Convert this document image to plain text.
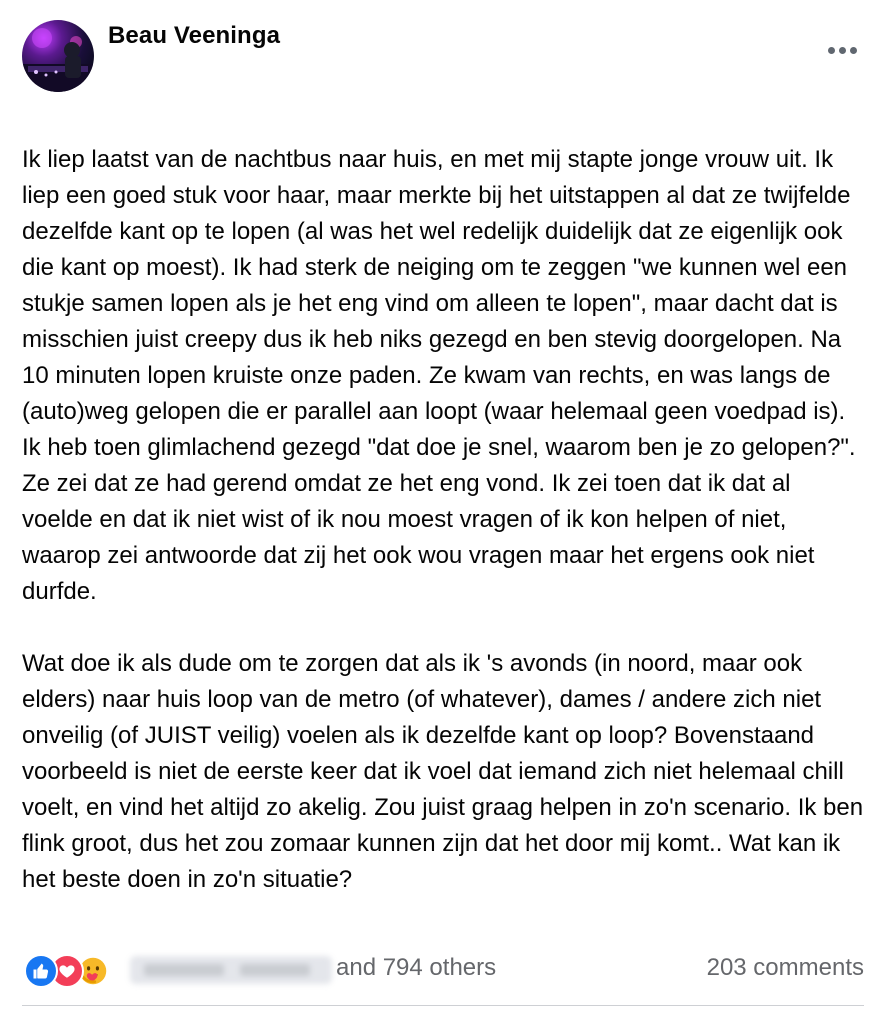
Beau Veeninga

Ik liep laatst van de nachtbus naar huis, en met mij stapte jonge vrouw uit. Ik liep een goed stuk voor haar, maar merkte bij het uitstappen al dat ze twijfelde dezelfde kant op te lopen (al was het wel redelijk duidelijk dat ze eigenlijk ook die kant op moest). Ik had sterk de neiging om te zeggen "we kunnen wel een stukje samen lopen als je het eng vind om alleen te lopen", maar dacht dat is misschien juist creepy dus ik heb niks gezegd en ben stevig doorgelopen. Na 10 minuten lopen kruiste onze paden. Ze kwam van rechts, en was langs de (auto)weg gelopen die er parallel aan loopt (waar helemaal geen voedpad is). Ik heb toen glimlachend gezegd "dat doe je snel, waarom ben je zo gelopen?". Ze zei dat ze had gerend omdat ze het eng vond. Ik zei toen dat ik dat al voelde en dat ik niet wist of ik nou moest vragen of ik kon helpen of niet, waarop zei antwoorde dat zij het ook wou vragen maar het ergens ook niet durfde.

Wat doe ik als dude om te zorgen dat als ik 's avonds (in noord, maar ook elders) naar huis loop van de metro (of whatever), dames / andere zich niet onveilig (of JUIST veilig) voelen als ik dezelfde kant op loop? Bovenstaand voorbeeld is niet de eerste keer dat ik voel dat iemand zich niet helemaal chill voelt, en vind het altijd zo akelig. Zou juist graag helpen in zo'n scenario. Ik ben flink groot, dus het zou zomaar kunnen zijn dat het door mij komt.. Wat kan ik het beste doen in zo'n situatie?

and 794 others	203 comments
